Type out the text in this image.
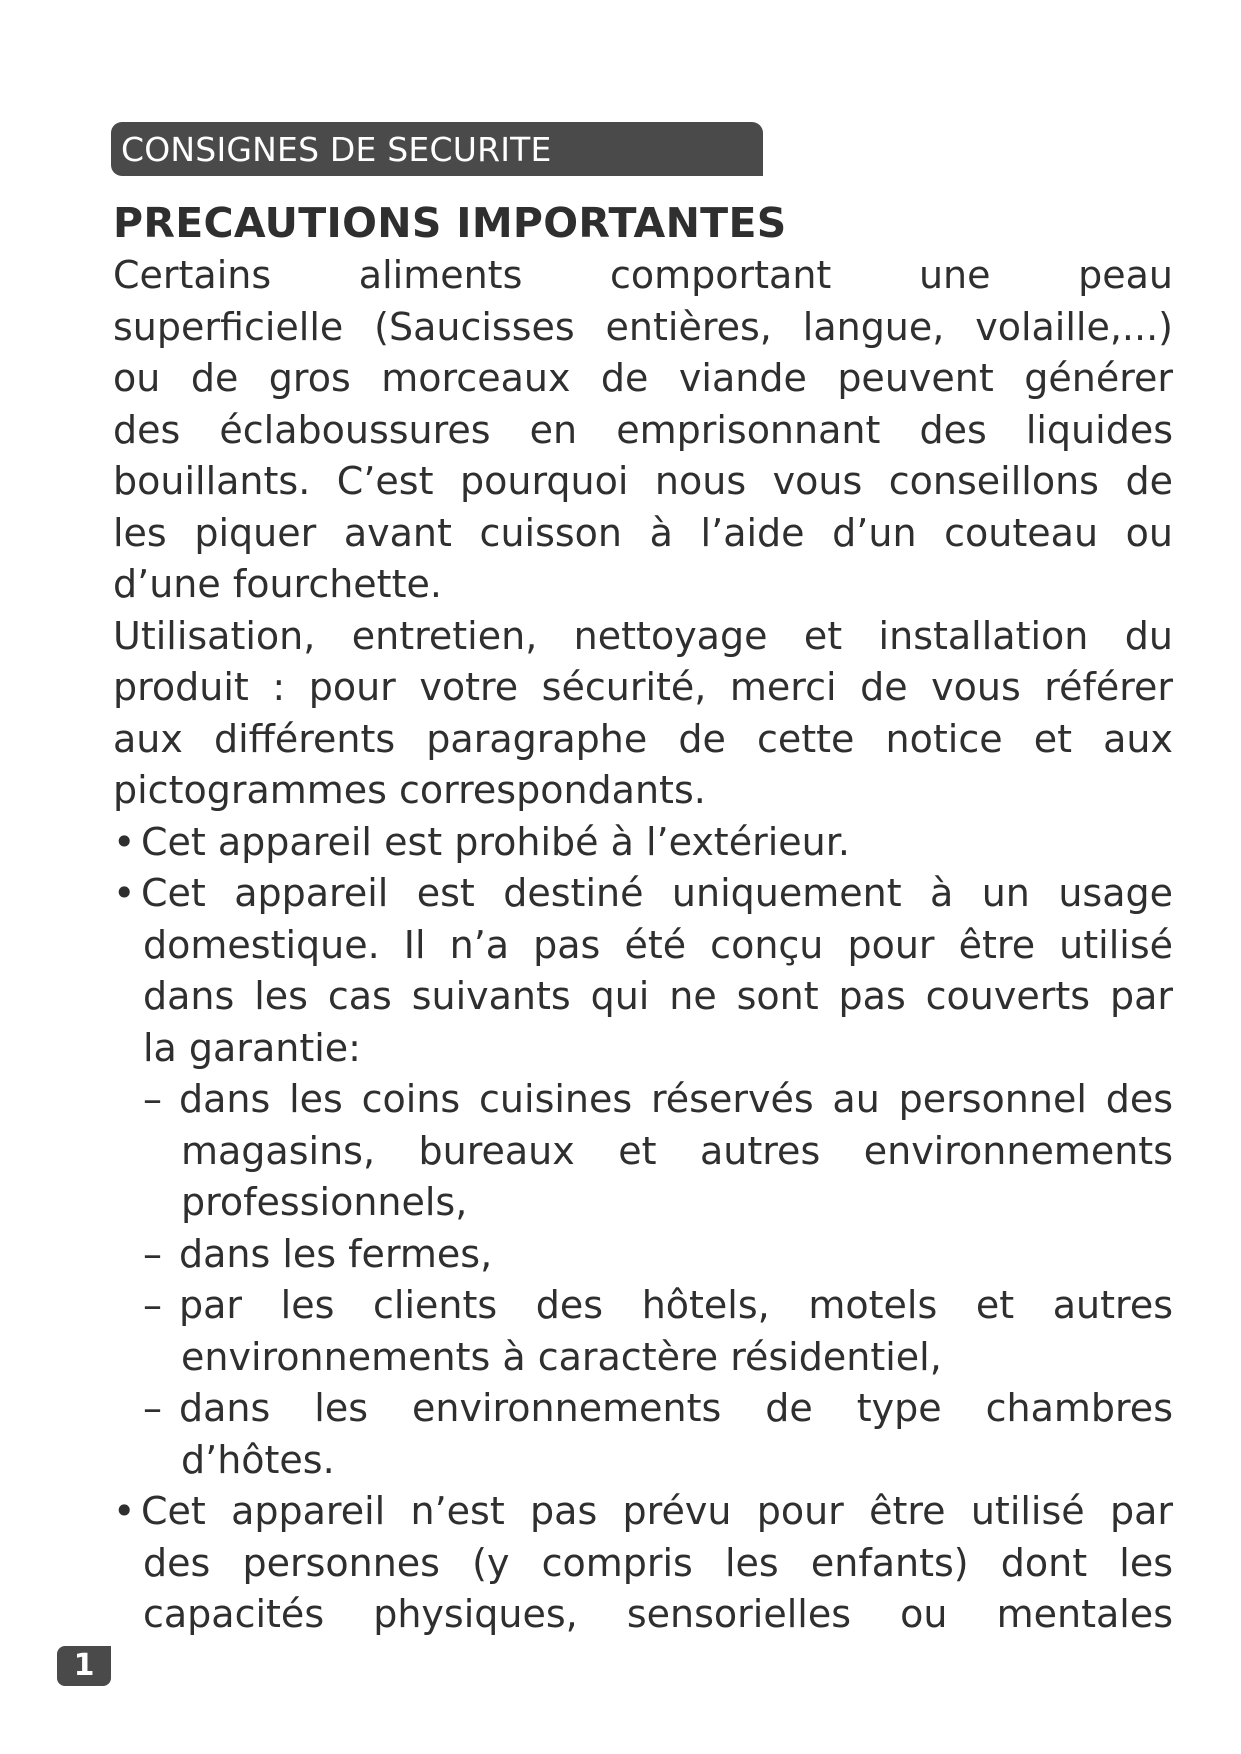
CONSIGNES DE SECURITE
PRECAUTIONS IMPORTANTES
Certains aliments comportant une peau
superficielle (Saucisses entières, langue, volaille,...)
ou de gros morceaux de viande peuvent générer
des éclaboussures en emprisonnant des liquides
bouillants. C’est pourquoi nous vous conseillons de
les piquer avant cuisson à l’aide d’un couteau ou
d’une fourchette.
Utilisation, entretien, nettoyage et installation du
produit : pour votre sécurité, merci de vous référer
aux différents paragraphe de cette notice et aux
pictogrammes correspondants.
• Cet appareil est prohibé à l’extérieur.
• Cet appareil est destiné uniquement à un usage
domestique. Il n’a pas été conçu pour être utilisé
dans les cas suivants qui ne sont pas couverts par
la garantie:
– dans les coins cuisines réservés au personnel des
magasins, bureaux et autres environnements
professionnels,
– dans les fermes,
– par les clients des hôtels, motels et autres
environnements à caractère résidentiel,
– dans les environnements de type chambres
d’hôtes.
• Cet appareil n’est pas prévu pour être utilisé par
des personnes (y compris les enfants) dont les
capacités physiques, sensorielles ou mentales
1
